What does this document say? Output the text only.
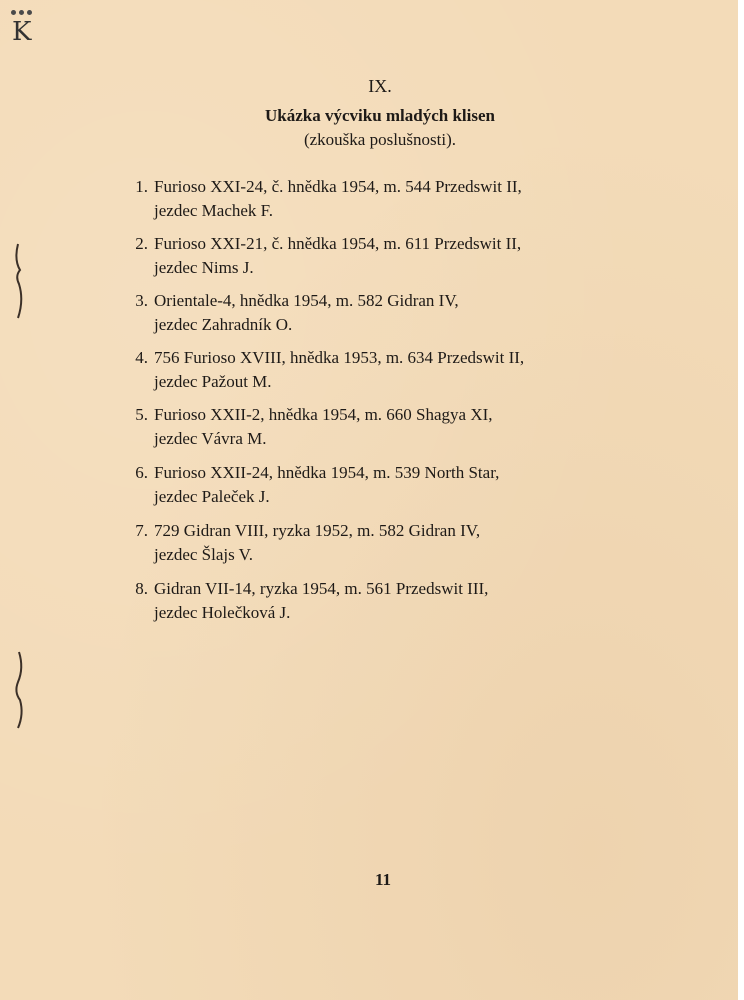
K
IX.
Ukázka výcviku mladých klisen
(zkouška poslušnosti).
1. Furioso XXI-24, č. hnědka 1954, m. 544 Przedswit II,
jezdec Machek F.
2. Furioso XXI-21, č. hnědka 1954, m. 611 Przedswit II,
jezdec Nims J.
3. Orientale-4, hnědka 1954, m. 582 Gidran IV,
jezdec Zahradník O.
4. 756 Furioso XVIII, hnědka 1953, m. 634 Przedswit II,
jezdec Pažout M.
5. Furioso XXII-2, hnědka 1954, m. 660 Shagya XI,
jezdec Vávra M.
6. Furioso XXII-24, hnědka 1954, m. 539 North Star,
jezdec Paleček J.
7. 729 Gidran VIII, ryzka 1952, m. 582 Gidran IV,
jezdec Šlajs V.
8. Gidran VII-14, ryzka 1954, m. 561 Przedswit III,
jezdec Holečková J.
11
